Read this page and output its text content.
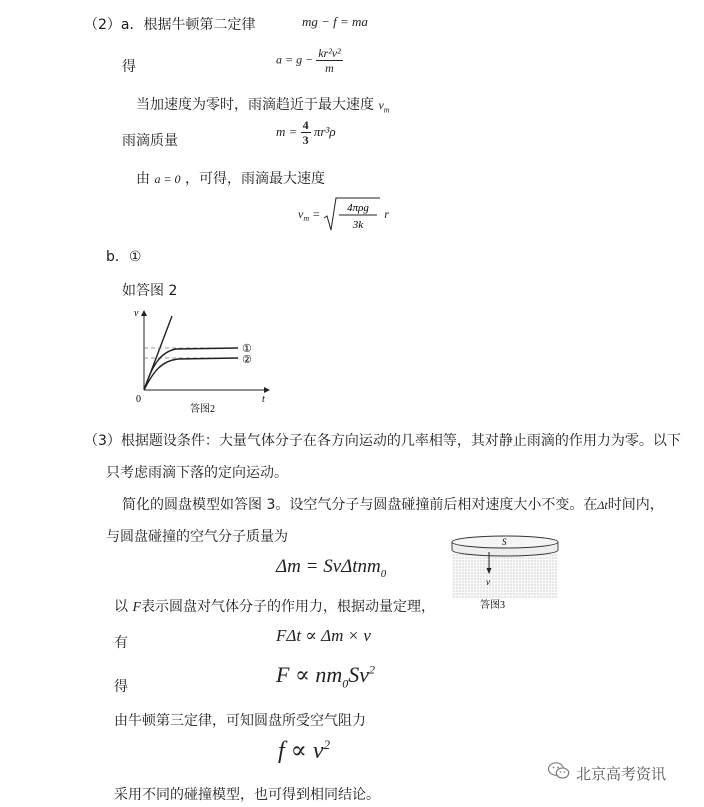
（2）a．根据牛顿第二定律	mg − f = ma
得	$a = g - \frac{\text{kr²v²}}{m}$
当加速度为零时，雨滴趋近于最大速度 $v_m$
雨滴质量
$m = \frac{4}{3} \pi r^3\rho$
由 a = 0 ，可得，雨滴最大速度
$v_m = 4\pi\rho g$
3k
r
b．①
如答图 2
v
t
0
①
②
答图2
（3）根据题设条件：大量气体分子在各方向运动的几率相等，其对静止雨滴的作用力为零。以下
只考虑雨滴下落的定向运动。
简化的圆盘模型如答图 3。设空气分子与圆盘碰撞前后相对速度大小不变。在Δt时间内，
与圆盘碰撞的空气分子质量为
Δm = SvΔtnm$_0$
S
v
答图3
以 F表示圆盘对气体分子的作用力，根据动量定理，
有	FΔt ∝ Δm × v
得	$F \propto nm_0Sv^2$
由牛顿第三定律，可知圆盘所受空气阻力
$f \propto v^2$
采用不同的碰撞模型，也可得到相同结论。
北京高考资讯
